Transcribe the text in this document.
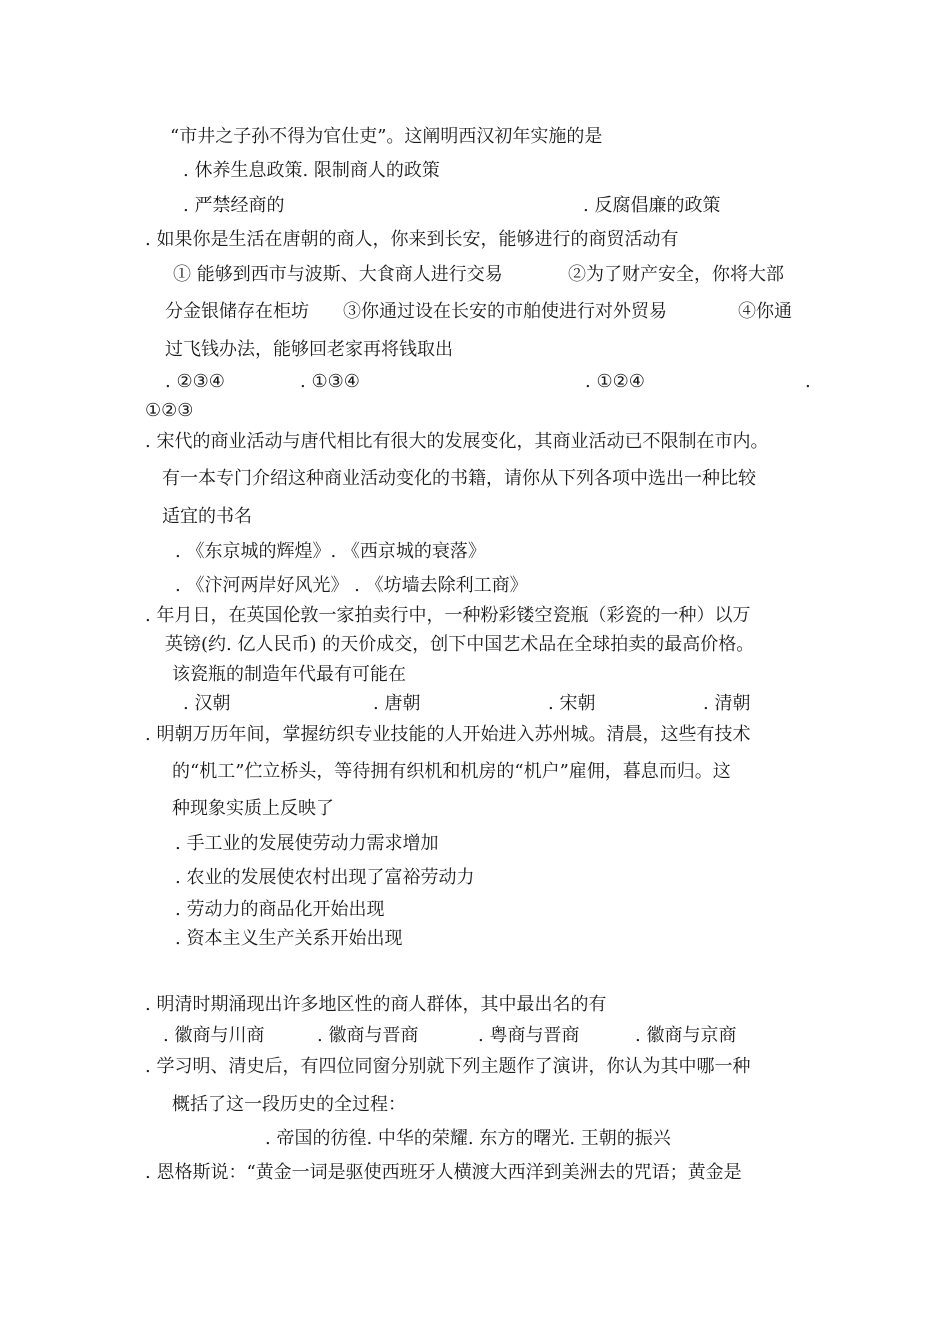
“市井之子孙不得为官仕吏”。这阐明西汉初年实施的是
. 休养生息政策. 限制商人的政策
. 严禁经商的	. 反腐倡廉的政策
. 如果你是生活在唐朝的商人，你来到长安，能够进行的商贸活动有
① 能够到西市与波斯、大食商人进行交易	②为了财产安全，你将大部
分金银储存在柜坊 ③你通过设在长安的市舶使进行对外贸易	④你通
过飞钱办法，能够回老家再将钱取出
. ②③④	. ①③④	. ①②④	.
①②③
. 宋代的商业活动与唐代相比有很大的发展变化，其商业活动已不限制在市内。
有一本专门介绍这种商业活动变化的书籍，请你从下列各项中选出一种比较
适宜的书名
. 《东京城的辉煌》. 《西京城的衰落》
. 《汴河两岸好风光》 . 《坊墙去除利工商》
. 年月日，在英国伦敦一家拍卖行中，一种粉彩镂空瓷瓶（彩瓷的一种）以万
英镑(约. 亿人民币) 的天价成交，创下中国艺术品在全球拍卖的最高价格。
该瓷瓶的制造年代最有可能在
. 汉朝	. 唐朝	. 宋朝	. 清朝
. 明朝万历年间，掌握纺织专业技能的人开始进入苏州城。清晨，这些有技术
的“机工”伫立桥头，等待拥有织机和机房的“机户”雇佣，暮息而归。这
种现象实质上反映了
. 手工业的发展使劳动力需求增加
. 农业的发展使农村出现了富裕劳动力
. 劳动力的商品化开始出现
. 资本主义生产关系开始出现
. 明清时期涌现出许多地区性的商人群体，其中最出名的有
. 徽商与川商	. 徽商与晋商	. 粤商与晋商	. 徽商与京商
. 学习明、清史后，有四位同窗分别就下列主题作了演讲，你认为其中哪一种
概括了这一段历史的全过程：
. 帝国的彷徨. 中华的荣耀. 东方的曙光. 王朝的振兴
. 恩格斯说：“黄金一词是驱使西班牙人横渡大西洋到美洲去的咒语；黄金是
